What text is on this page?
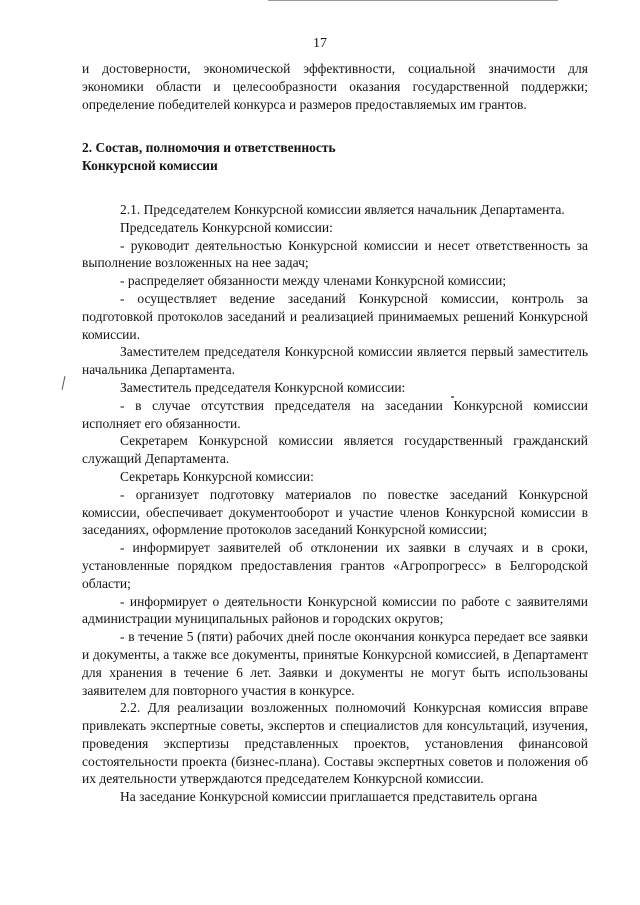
17

и достоверности, экономической эффективности, социальной значимости для экономики области и целесообразности оказания государственной поддержки; определение победителей конкурса и размеров предоставляемых им грантов.

2. Состав, полномочия и ответственность

Конкурсной комиссии

2.1. Председателем Конкурсной комиссии является начальник Департамента.

Председатель Конкурсной комиссии:

- руководит деятельностью Конкурсной комиссии и несет ответственность за выполнение возложенных на нее задач;

- распределяет обязанности между членами Конкурсной комиссии;

- осуществляет ведение заседаний Конкурсной комиссии, контроль за подготовкой протоколов заседаний и реализацией принимаемых решений Конкурсной комиссии.

Заместителем председателя Конкурсной комиссии является первый заместитель начальника Департамента.

Заместитель председателя Конкурсной комиссии:

- в случае отсутствия председателя на заседании Конкурсной комиссии исполняет его обязанности.

Секретарем Конкурсной комиссии является государственный гражданский служащий Департамента.

Секретарь Конкурсной комиссии:

- организует подготовку материалов по повестке заседаний Конкурсной комиссии, обеспечивает документооборот и участие членов Конкурсной комиссии в заседаниях, оформление протоколов заседаний Конкурсной комиссии;

- информирует заявителей об отклонении их заявки в случаях и в сроки, установленные порядком предоставления грантов «Агропрогресс» в Белгородской области;

- информирует о деятельности Конкурсной комиссии по работе с заявителями администрации муниципальных районов и городских округов;

- в течение 5 (пяти) рабочих дней после окончания конкурса передает все заявки и документы, а также все документы, принятые Конкурсной комиссией, в Департамент для хранения в течение 6 лет. Заявки и документы не могут быть использованы заявителем для повторного участия в конкурсе.

2.2. Для реализации возложенных полномочий Конкурсная комиссия вправе привлекать экспертные советы, экспертов и специалистов для консультаций, изучения, проведения экспертизы представленных проектов, установления финансовой состоятельности проекта (бизнес-плана). Составы экспертных советов и положения об их деятельности утверждаются председателем Конкурсной комиссии.

На заседание Конкурсной комиссии приглашается представитель органа
